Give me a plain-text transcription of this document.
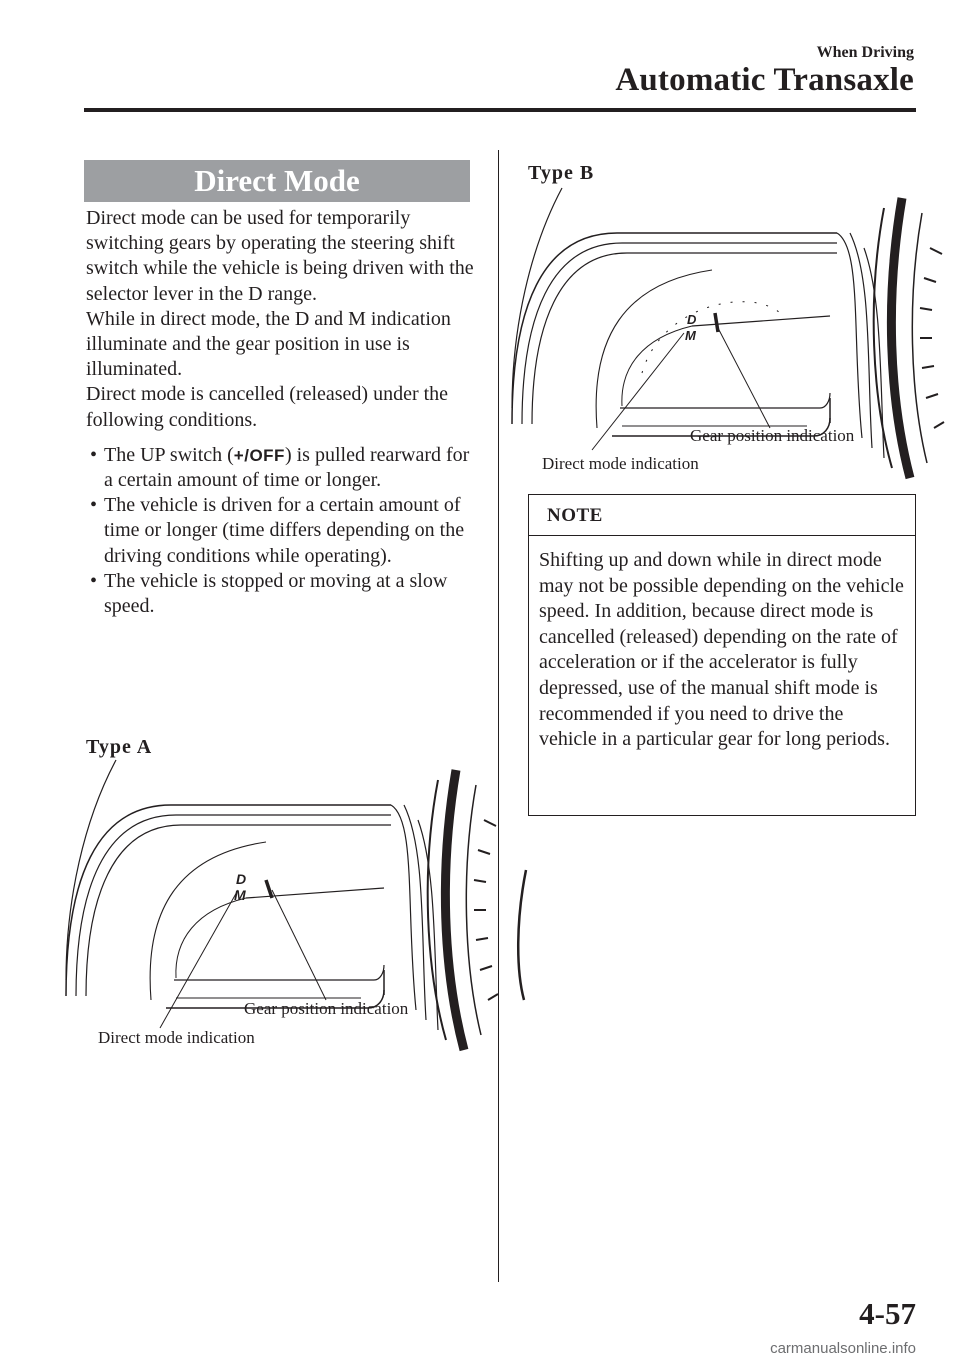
When Driving
Automatic Transaxle
Direct Mode

Direct mode can be used for temporarily switching gears by operating the steering shift switch while the vehicle is being driven with the selector lever in the D range.

While in direct mode, the D and M indication illuminate and the gear position in use is illuminated.

Direct mode is cancelled (released) under the following conditions.

• The UP switch (+/OFF) is pulled rearward for a certain amount of time or longer.
• The vehicle is driven for a certain amount of time or longer (time differs depending on the driving conditions while operating).
• The vehicle is stopped or moving at a slow speed.
Type A
Type B
D
M
Gear position indication
Direct mode indication
D
M
Gear position indication
Direct mode indication
NOTE
Shifting up and down while in direct mode may not be possible depending on the vehicle speed. In addition, because direct mode is cancelled (released) depending on the rate of acceleration or if the accelerator is fully depressed, use of the manual shift mode is recommended if you need to drive the vehicle in a particular gear for long periods.
4-57
carmanualsonline.info
